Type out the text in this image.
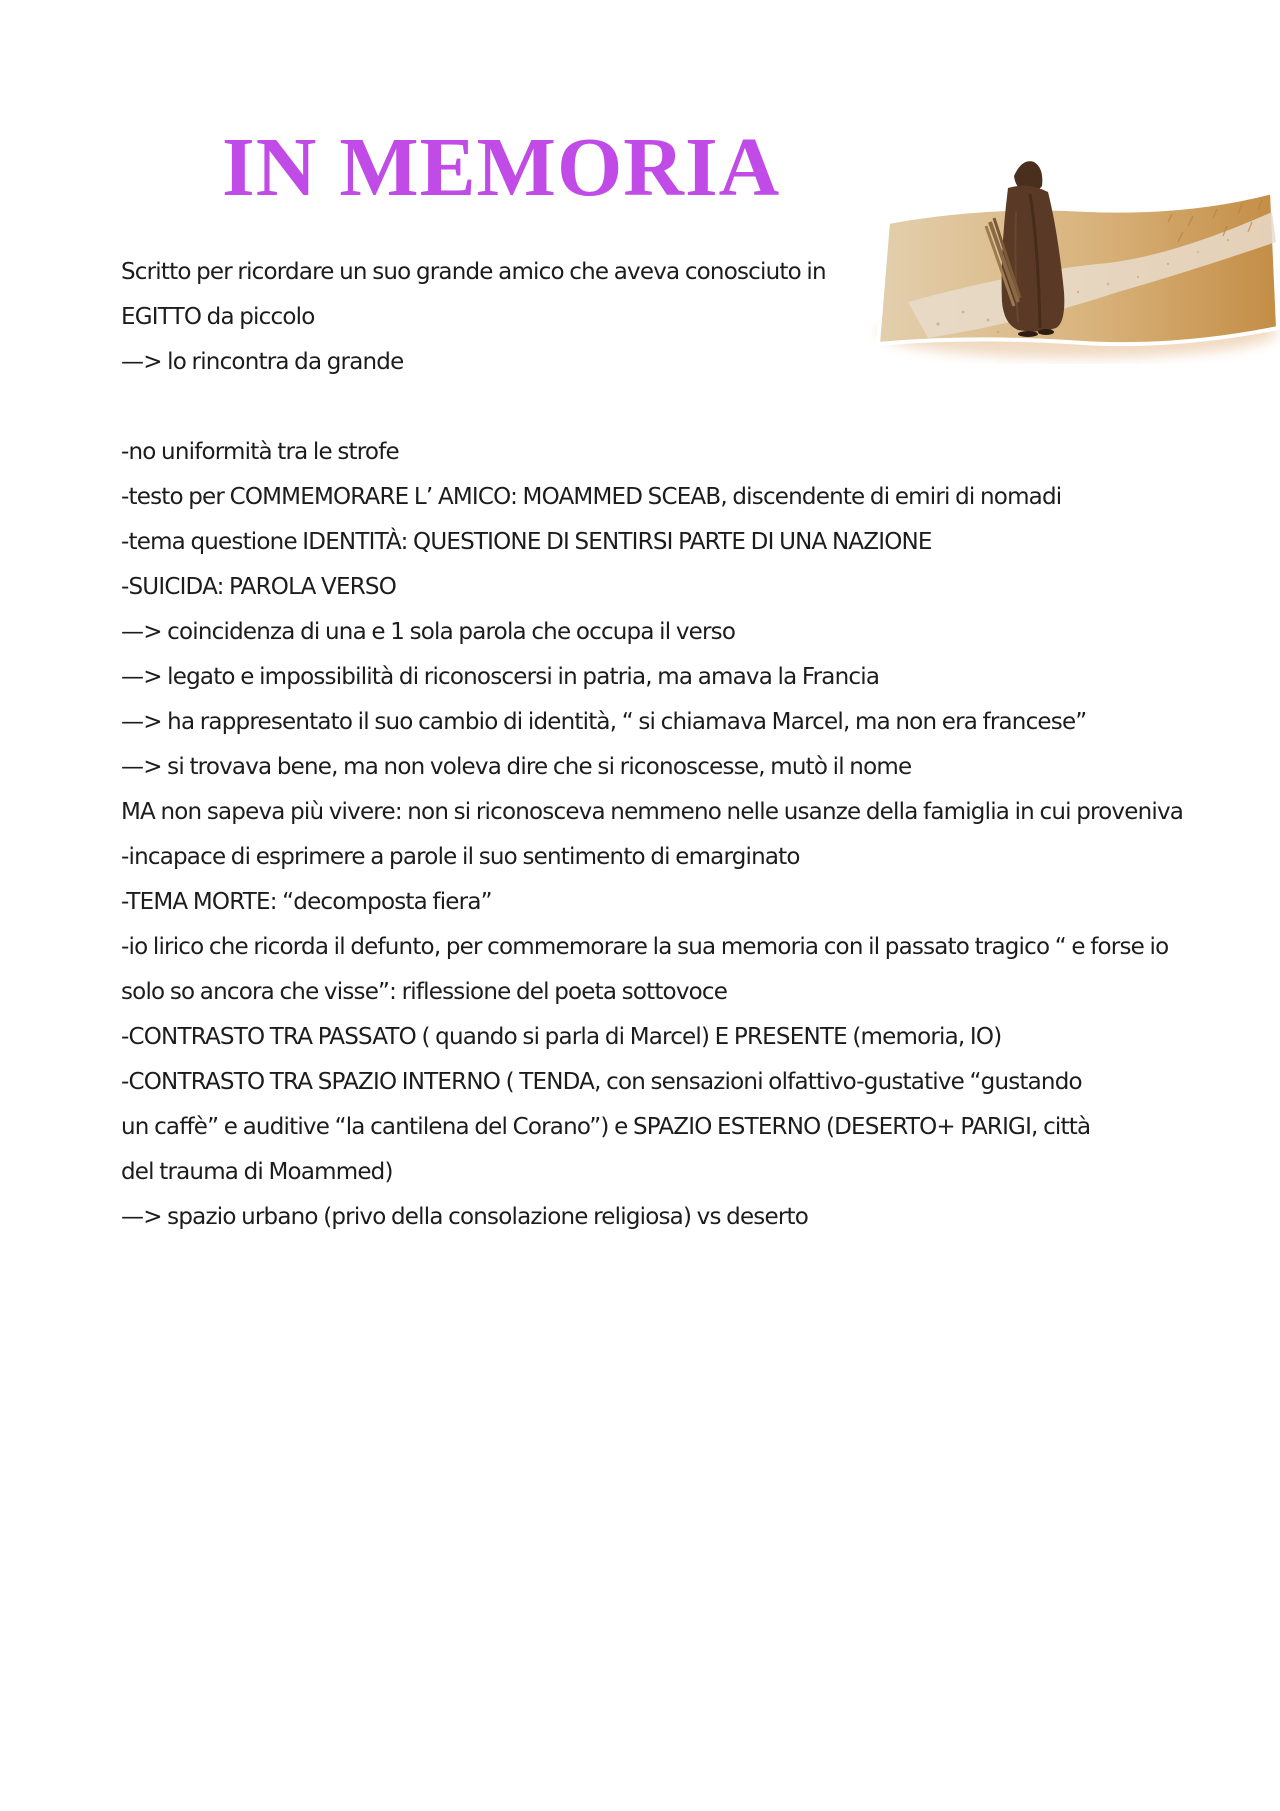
IN MEMORIA
Scritto per ricordare un suo grande amico che aveva conosciuto in
EGITTO da piccolo
—> lo rincontra da grande
-no uniformità tra le strofe
-testo per COMMEMORARE L’ AMICO: MOAMMED SCEAB, discendente di emiri di nomadi
-tema questione IDENTITÀ: QUESTIONE DI SENTIRSI PARTE DI UNA NAZIONE
-SUICIDA: PAROLA VERSO
—> coincidenza di una e 1 sola parola che occupa il verso
—> legato e impossibilità di riconoscersi in patria, ma amava la Francia
—> ha rappresentato il suo cambio di identità, “ si chiamava Marcel, ma non era francese”
—> si trovava bene, ma non voleva dire che si riconoscesse, mutò il nome
MA non sapeva più vivere: non si riconosceva nemmeno nelle usanze della famiglia in cui proveniva
-incapace di esprimere a parole il suo sentimento di emarginato
-TEMA MORTE: “decomposta fiera”
-io lirico che ricorda il defunto, per commemorare la sua memoria con il passato tragico “ e forse io
solo so ancora che visse”: riflessione del poeta sottovoce
-CONTRASTO TRA PASSATO ( quando si parla di Marcel) E PRESENTE (memoria, IO)
-CONTRASTO TRA SPAZIO INTERNO ( TENDA, con sensazioni olfattivo-gustative “gustando
un caffè” e auditive “la cantilena del Corano”) e SPAZIO ESTERNO (DESERTO+ PARIGI, città
del trauma di Moammed)
—> spazio urbano (privo della consolazione religiosa) vs deserto
